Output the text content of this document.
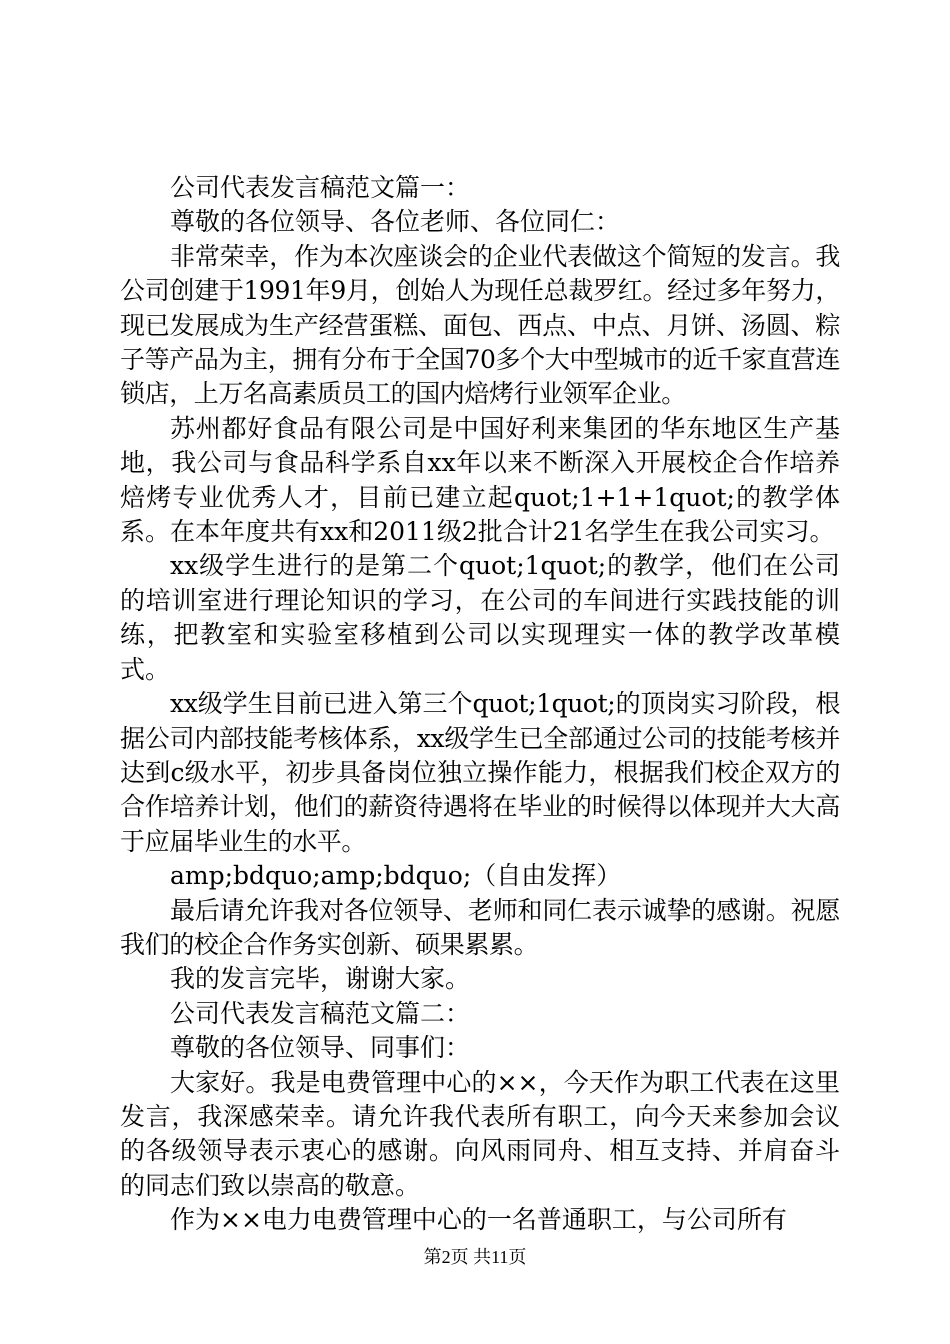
公司代表发言稿范文篇一：

尊敬的各位领导、各位老师、各位同仁：

非常荣幸，作为本次座谈会的企业代表做这个简短的发言。我公司创建于1991年9月，创始人为现任总裁罗红。经过多年努力，现已发展成为生产经营蛋糕、面包、西点、中点、月饼、汤圆、粽子等产品为主，拥有分布于全国70多个大中型城市的近千家直营连锁店，上万名高素质员工的国内焙烤行业领军企业。

苏州都好食品有限公司是中国好利来集团的华东地区生产基地，我公司与食品科学系自xx年以来不断深入开展校企合作培养焙烤专业优秀人才，目前已建立起quot;1+1+1quot;的教学体系。在本年度共有xx和2011级2批合计21名学生在我公司实习。

xx级学生进行的是第二个quot;1quot;的教学，他们在公司的培训室进行理论知识的学习，在公司的车间进行实践技能的训练，把教室和实验室移植到公司以实现理实一体的教学改革模式。

xx级学生目前已进入第三个quot;1quot;的顶岗实习阶段，根据公司内部技能考核体系，xx级学生已全部通过公司的技能考核并达到c级水平，初步具备岗位独立操作能力，根据我们校企双方的合作培养计划，他们的薪资待遇将在毕业的时候得以体现并大大高于应届毕业生的水平。

amp;bdquo;amp;bdquo;（自由发挥）

最后请允许我对各位领导、老师和同仁表示诚挚的感谢。祝愿我们的校企合作务实创新、硕果累累。

我的发言完毕，谢谢大家。

公司代表发言稿范文篇二：

尊敬的各位领导、同事们：

大家好。我是电费管理中心的××，今天作为职工代表在这里发言，我深感荣幸。请允许我代表所有职工，向今天来参加会议的各级领导表示衷心的感谢。向风雨同舟、相互支持、并肩奋斗的同志们致以崇高的敬意。

作为××电力电费管理中心的一名普通职工，与公司所有

第2页 共11页
